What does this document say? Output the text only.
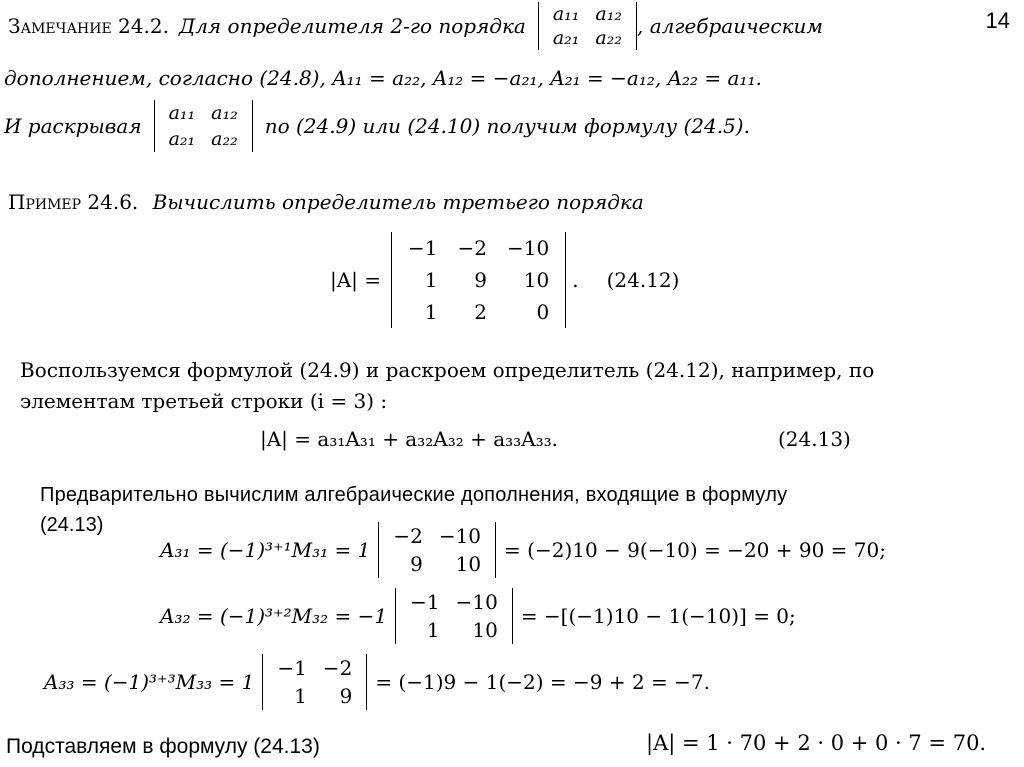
14
Замечание 24.2. Для определителя 2-го порядка a₁₁ a₁₂
a₂₁ a₂₂ , алгебраическим
дополнением, согласно (24.8), A₁₁ = a₂₂, A₁₂ = −a₂₁, A₂₁ = −a₁₂, A₂₂ = a₁₁.
И раскрывая
a₁₁ a₁₂
a₂₁ a₂₂
по (24.9) или (24.10) получим формулу (24.5).
Пример 24.6. Вычислить определитель третьего порядка
|A| =
−1 −2 −10
1	9	10
1	2	0
. (24.12)
Воспользуемся формулой (24.9) и раскроем определитель (24.12), например, по
элементам третьей строки (i = 3) :
|A| = a₃₁A₃₁ + a₃₂A₃₂ + a₃₃A₃₃.	(24.13)
Предварительно вычислим алгебраические дополнения, входящие в формулу
(24.13)
A₃₁ = (−1)³⁺¹M₃₁ = 1
−2 −10
9	10
= (−2)10 − 9(−10) = −20 + 90 = 70;
A₃₂ = (−1)³⁺²M₃₂ = −1
−1 −10
1	10
= −[(−1)10 − 1(−10)] = 0;
A₃₃ = (−1)³⁺³M₃₃ = 1
−1 −2
1	9
= (−1)9 − 1(−2) = −9 + 2 = −7.
Подставляем в формулу (24.13)	|A| = 1 · 70 + 2 · 0 + 0 · 7 = 70.
